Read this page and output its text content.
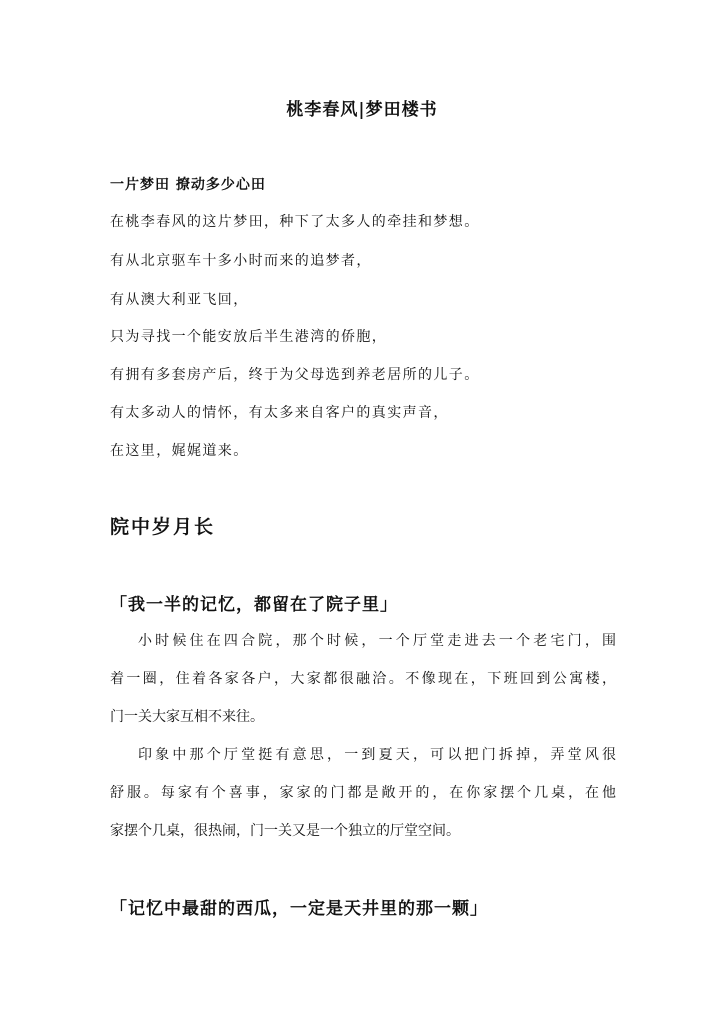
桃李春风|梦田楼书
一片梦田 撩动多少心田
在桃李春风的这片梦田，种下了太多人的牵挂和梦想。
有从北京驱车十多小时而来的追梦者，
有从澳大利亚飞回，
只为寻找一个能安放后半生港湾的侨胞，
有拥有多套房产后，终于为父母选到养老居所的儿子。
有太多动人的情怀，有太多来自客户的真实声音，
在这里，娓娓道来。
院中岁月长
「我一半的记忆，都留在了院子里」
小时候住在四合院，那个时候，一个厅堂走进去一个老宅门，围
着一圈，住着各家各户，大家都很融洽。不像现在，下班回到公寓楼，
门一关大家互相不来往。
印象中那个厅堂挺有意思，一到夏天，可以把门拆掉，弄堂风很
舒服。每家有个喜事，家家的门都是敞开的，在你家摆个几桌，在他
家摆个几桌，很热闹，门一关又是一个独立的厅堂空间。
「记忆中最甜的西瓜，一定是天井里的那一颗」
